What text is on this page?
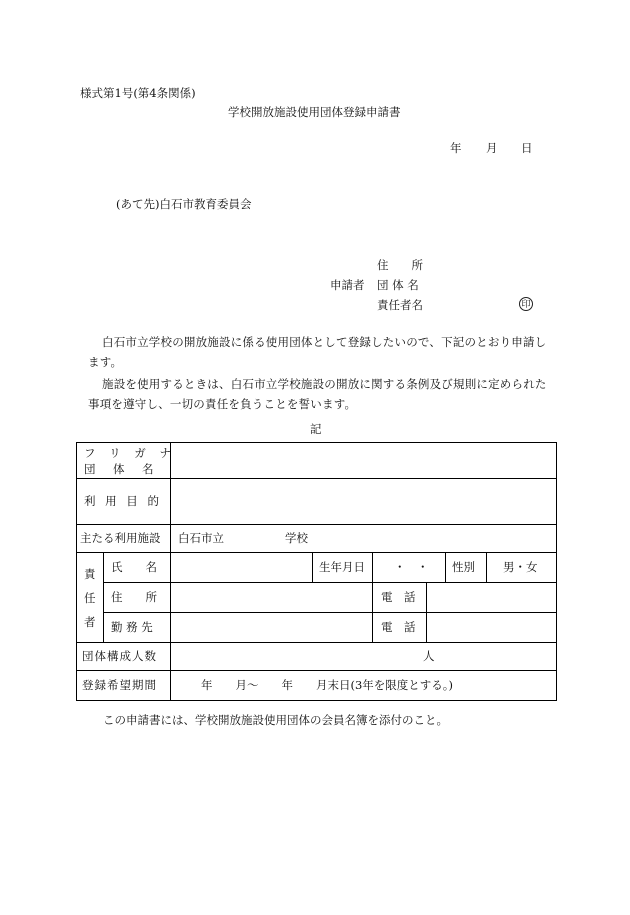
様式第1号(第4条関係)
学校開放施設使用団体登録申請書
年 月 日
(あて先)白石市教育委員会
住　　所
申請者 団 体 名
責任者名	印
白石市立学校の開放施設に係る使用団体として登録したいので、下記のとおり申請します。
施設を使用するときは、白石市立学校施設の開放に関する条例及び規則に定められた事項を遵守し、一切の責任を負うことを誓います。
記
フ リ ガ ナ
団　体　名
利 用 目 的
主たる利用施設 白石市立	学校
責
任
者
氏　　名	生年月日	・　・ 性別 男・女
住　　所	電　話
勤 務 先	電　話
団体構成人数	人
登録希望期間	年　　月～　　年　　月末日(3年を限度とする。)
この申請書には、学校開放施設使用団体の会員名簿を添付のこと。
